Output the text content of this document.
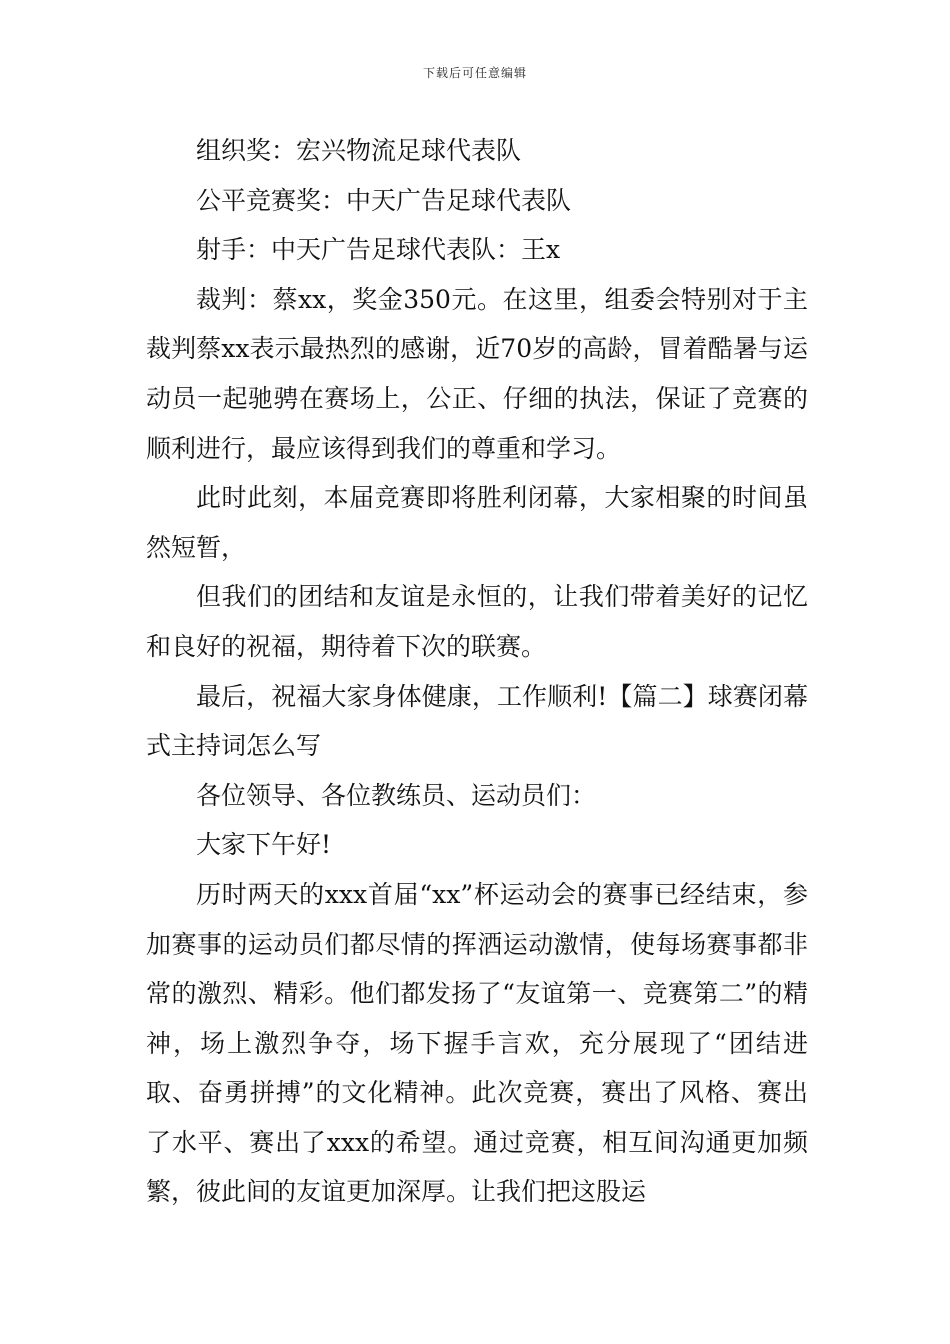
下载后可任意编辑

组织奖：宏兴物流足球代表队

公平竞赛奖：中天广告足球代表队

射手：中天广告足球代表队：王x

裁判：蔡xx，奖金350元。在这里，组委会特别对于主裁判蔡xx表示最热烈的感谢，近70岁的高龄，冒着酷暑与运动员一起驰骋在赛场上，公正、仔细的执法，保证了竞赛的顺利进行，最应该得到我们的尊重和学习。

此时此刻，本届竞赛即将胜利闭幕，大家相聚的时间虽然短暂，

但我们的团结和友谊是永恒的，让我们带着美好的记忆和良好的祝福，期待着下次的联赛。

最后，祝福大家身体健康，工作顺利!【篇二】球赛闭幕式主持词怎么写

各位领导、各位教练员、运动员们：

大家下午好!

历时两天的xxx首届“xx”杯运动会的赛事已经结束，参加赛事的运动员们都尽情的挥洒运动激情，使每场赛事都非常的激烈、精彩。他们都发扬了“友谊第一、竞赛第二”的精神，场上激烈争夺，场下握手言欢，充分展现了“团结进取、奋勇拼搏”的文化精神。此次竞赛，赛出了风格、赛出了水平、赛出了xxx的希望。通过竞赛，相互间沟通更加频繁，彼此间的友谊更加深厚。让我们把这股运
